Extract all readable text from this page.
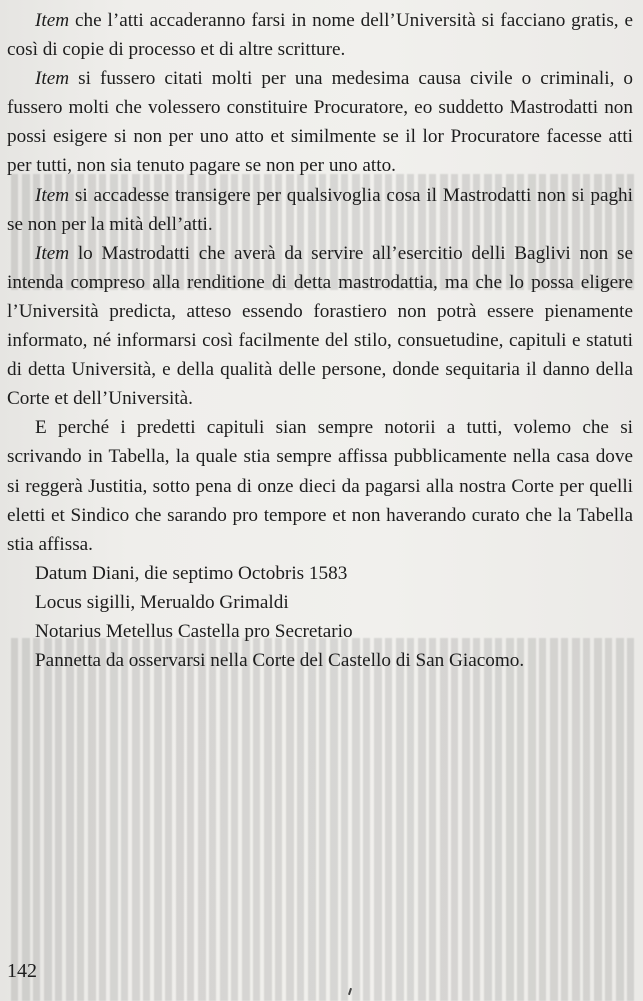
Item che l’atti accaderanno farsi in nome dell’Università si facciano gratis, e così di copie di processo et di altre scritture.

Item si fussero citati molti per una medesima causa civile o criminali, o fussero molti che volessero constituire Procuratore, eo suddetto Mastrodatti non possi esigere si non per uno atto et similmente se il lor Procuratore facesse atti per tutti, non sia tenuto pagare se non per uno atto.

Item si accadesse transigere per qualsivoglia cosa il Mastrodatti non si paghi se non per la mità dell’atti.

Item lo Mastrodatti che averà da servire all’esercitio delli Baglivi non se intenda compreso alla renditione di detta mastrodattia, ma che lo possa eligere l’Università predicta, atteso essendo forastiero non potrà essere pienamente informato, né informarsi così facilmente del stilo, consuetudine, capituli e statuti di detta Università, e della qualità delle persone, donde sequitaria il danno della Corte et dell’Università.

E perché i predetti capituli sian sempre notorii a tutti, volemo che si scrivando in Tabella, la quale stia sempre affissa pubblicamente nella casa dove si reggerà Justitia, sotto pena di onze dieci da pagarsi alla nostra Corte per quelli eletti et Sindico che sarando pro tempore et non haverando curato che la Tabella stia affissa.

Datum Diani, die septimo Octobris 1583

Locus sigilli, Merualdo Grimaldi

Notarius Metellus Castella pro Secretario

Pannetta da osservarsi nella Corte del Castello di San Giacomo.

142
